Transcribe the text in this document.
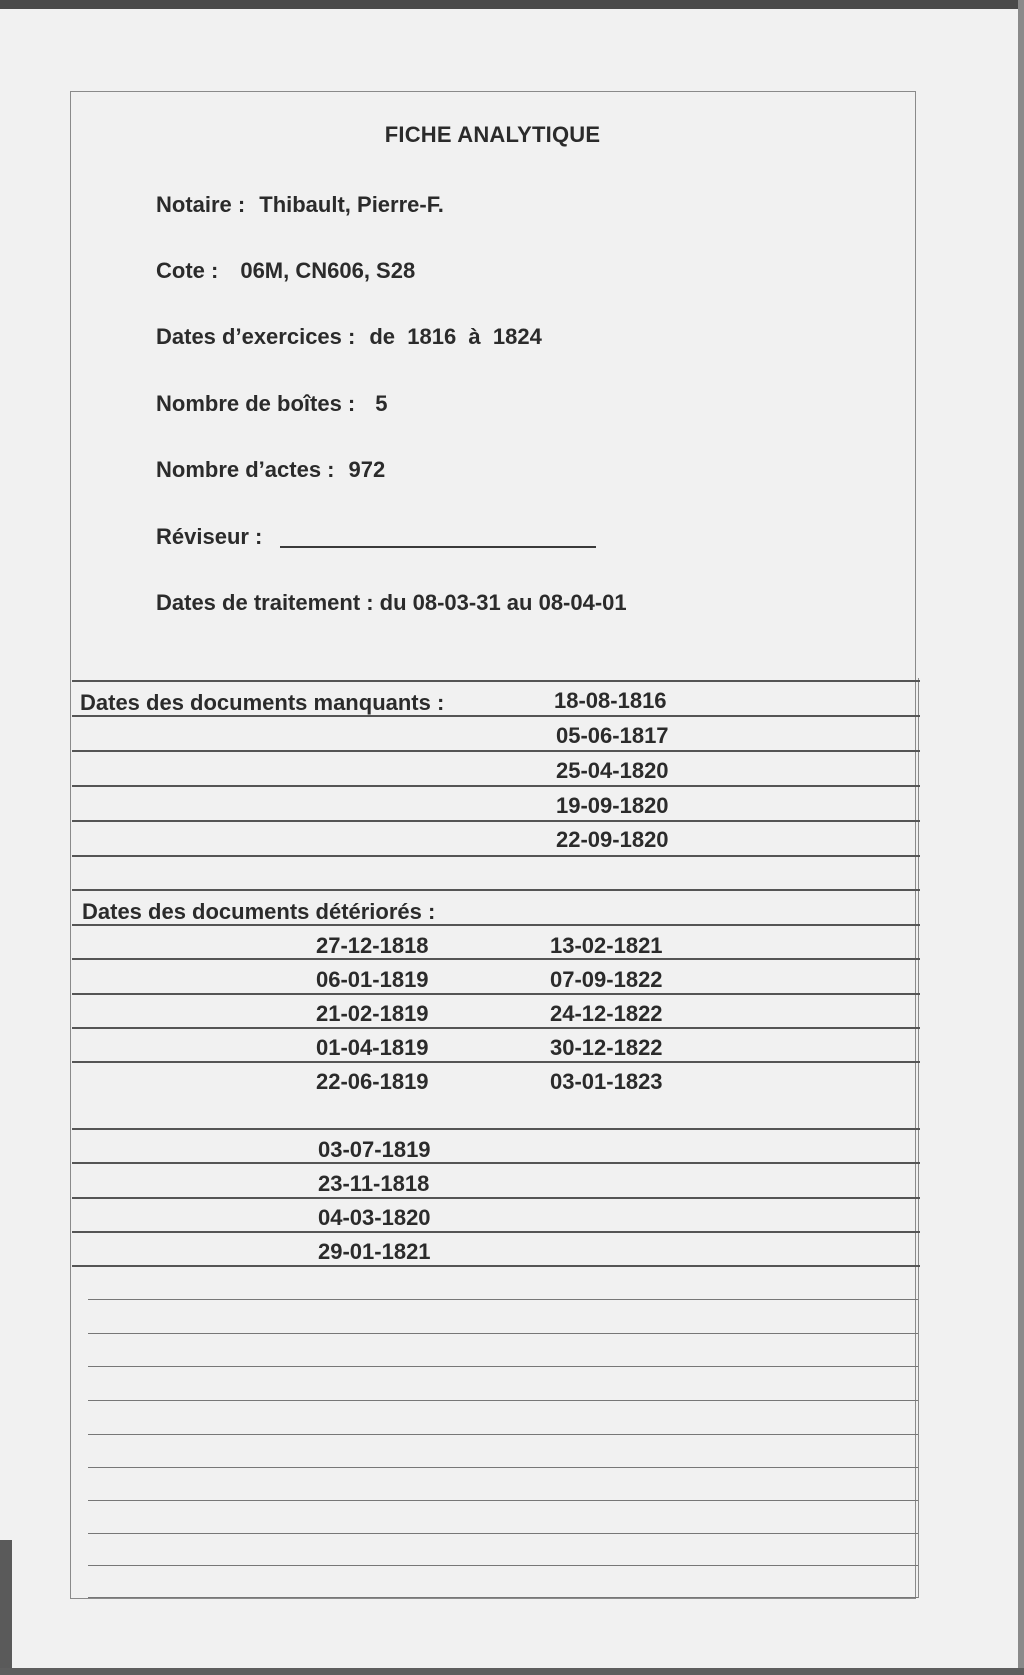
FICHE ANALYTIQUE
Notaire : Thibault, Pierre-F.
Cote : 06M, CN606, S28
Dates d’exercices : de  1816  à  1824
Nombre de boîtes : 5
Nombre d’actes : 972
Réviseur :
Dates de traitement : du 08-03-31 au 08-04-01
Dates des documents manquants :	18-08-1816
05-06-1817
25-04-1820
19-09-1820
22-09-1820
Dates des documents détériorés :
27-12-1818	13-02-1821
06-01-1819	07-09-1822
21-02-1819	24-12-1822
01-04-1819	30-12-1822
22-06-1819	03-01-1823
03-07-1819
23-11-1818
04-03-1820
29-01-1821
